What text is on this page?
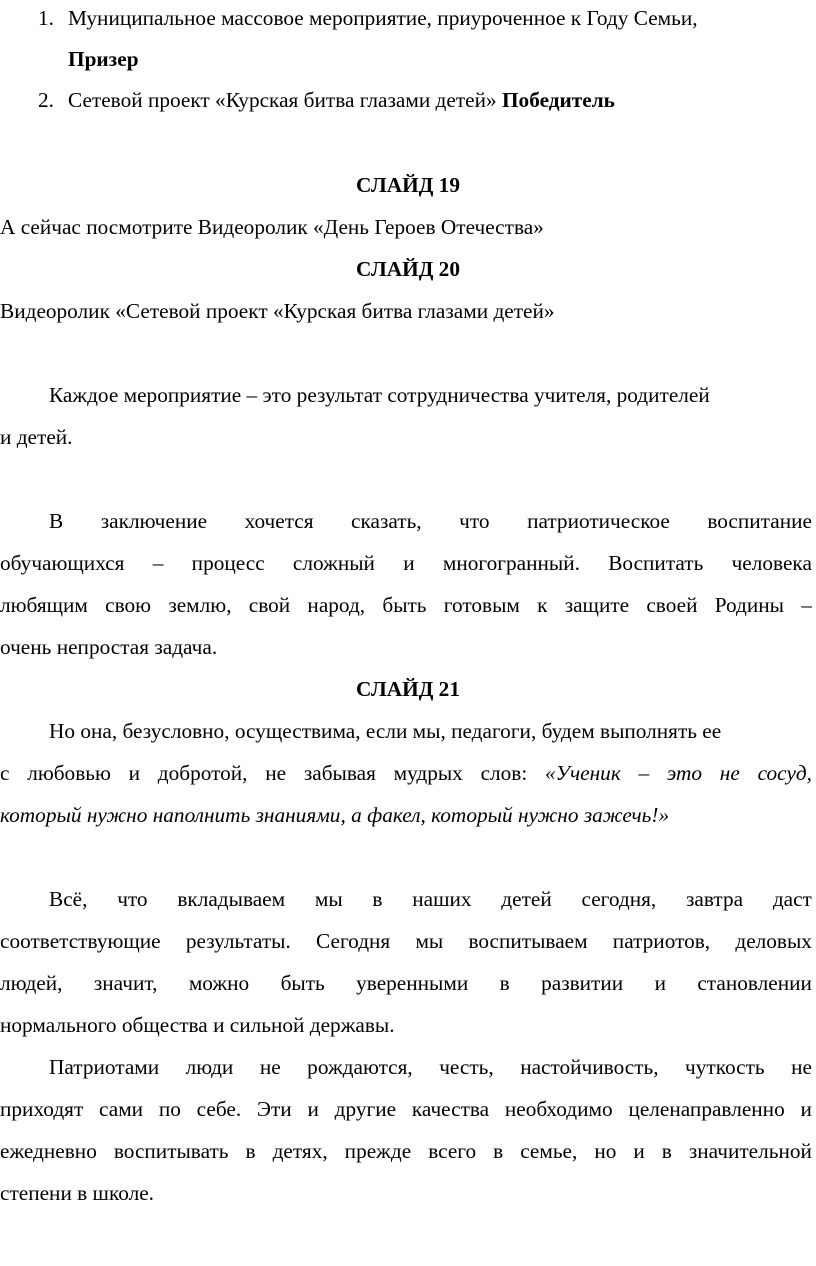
1. Муниципальное массовое мероприятие, приуроченное к Году Семьи,
Призер
2. Сетевой проект «Курская битва глазами детей» Победитель
СЛАЙД 19
А сейчас посмотрите Видеоролик «День Героев Отечества»
СЛАЙД 20
Видеоролик «Сетевой проект «Курская битва глазами детей»
Каждое мероприятие – это результат сотрудничества учителя, родителей
и детей.
В заключение хочется сказать, что патриотическое воспитание
обучающихся – процесс сложный и многогранный. Воспитать человека
любящим свою землю, свой народ, быть готовым к защите своей Родины –
очень непростая задача.
СЛАЙД 21
Но она, безусловно, осуществима, если мы, педагоги, будем выполнять ее
с любовью и добротой, не забывая мудрых слов: «Ученик – это не сосуд,
который нужно наполнить знаниями, а факел, который нужно зажечь!»
Всё, что вкладываем мы в наших детей сегодня, завтра даст
соответствующие результаты. Сегодня мы воспитываем патриотов, деловых
людей, значит, можно быть уверенными в развитии и становлении
нормального общества и сильной державы.
Патриотами люди не рождаются, честь, настойчивость, чуткость не
приходят сами по себе. Эти и другие качества необходимо целенаправленно и
ежедневно воспитывать в детях, прежде всего в семье, но и в значительной
степени в школе.
